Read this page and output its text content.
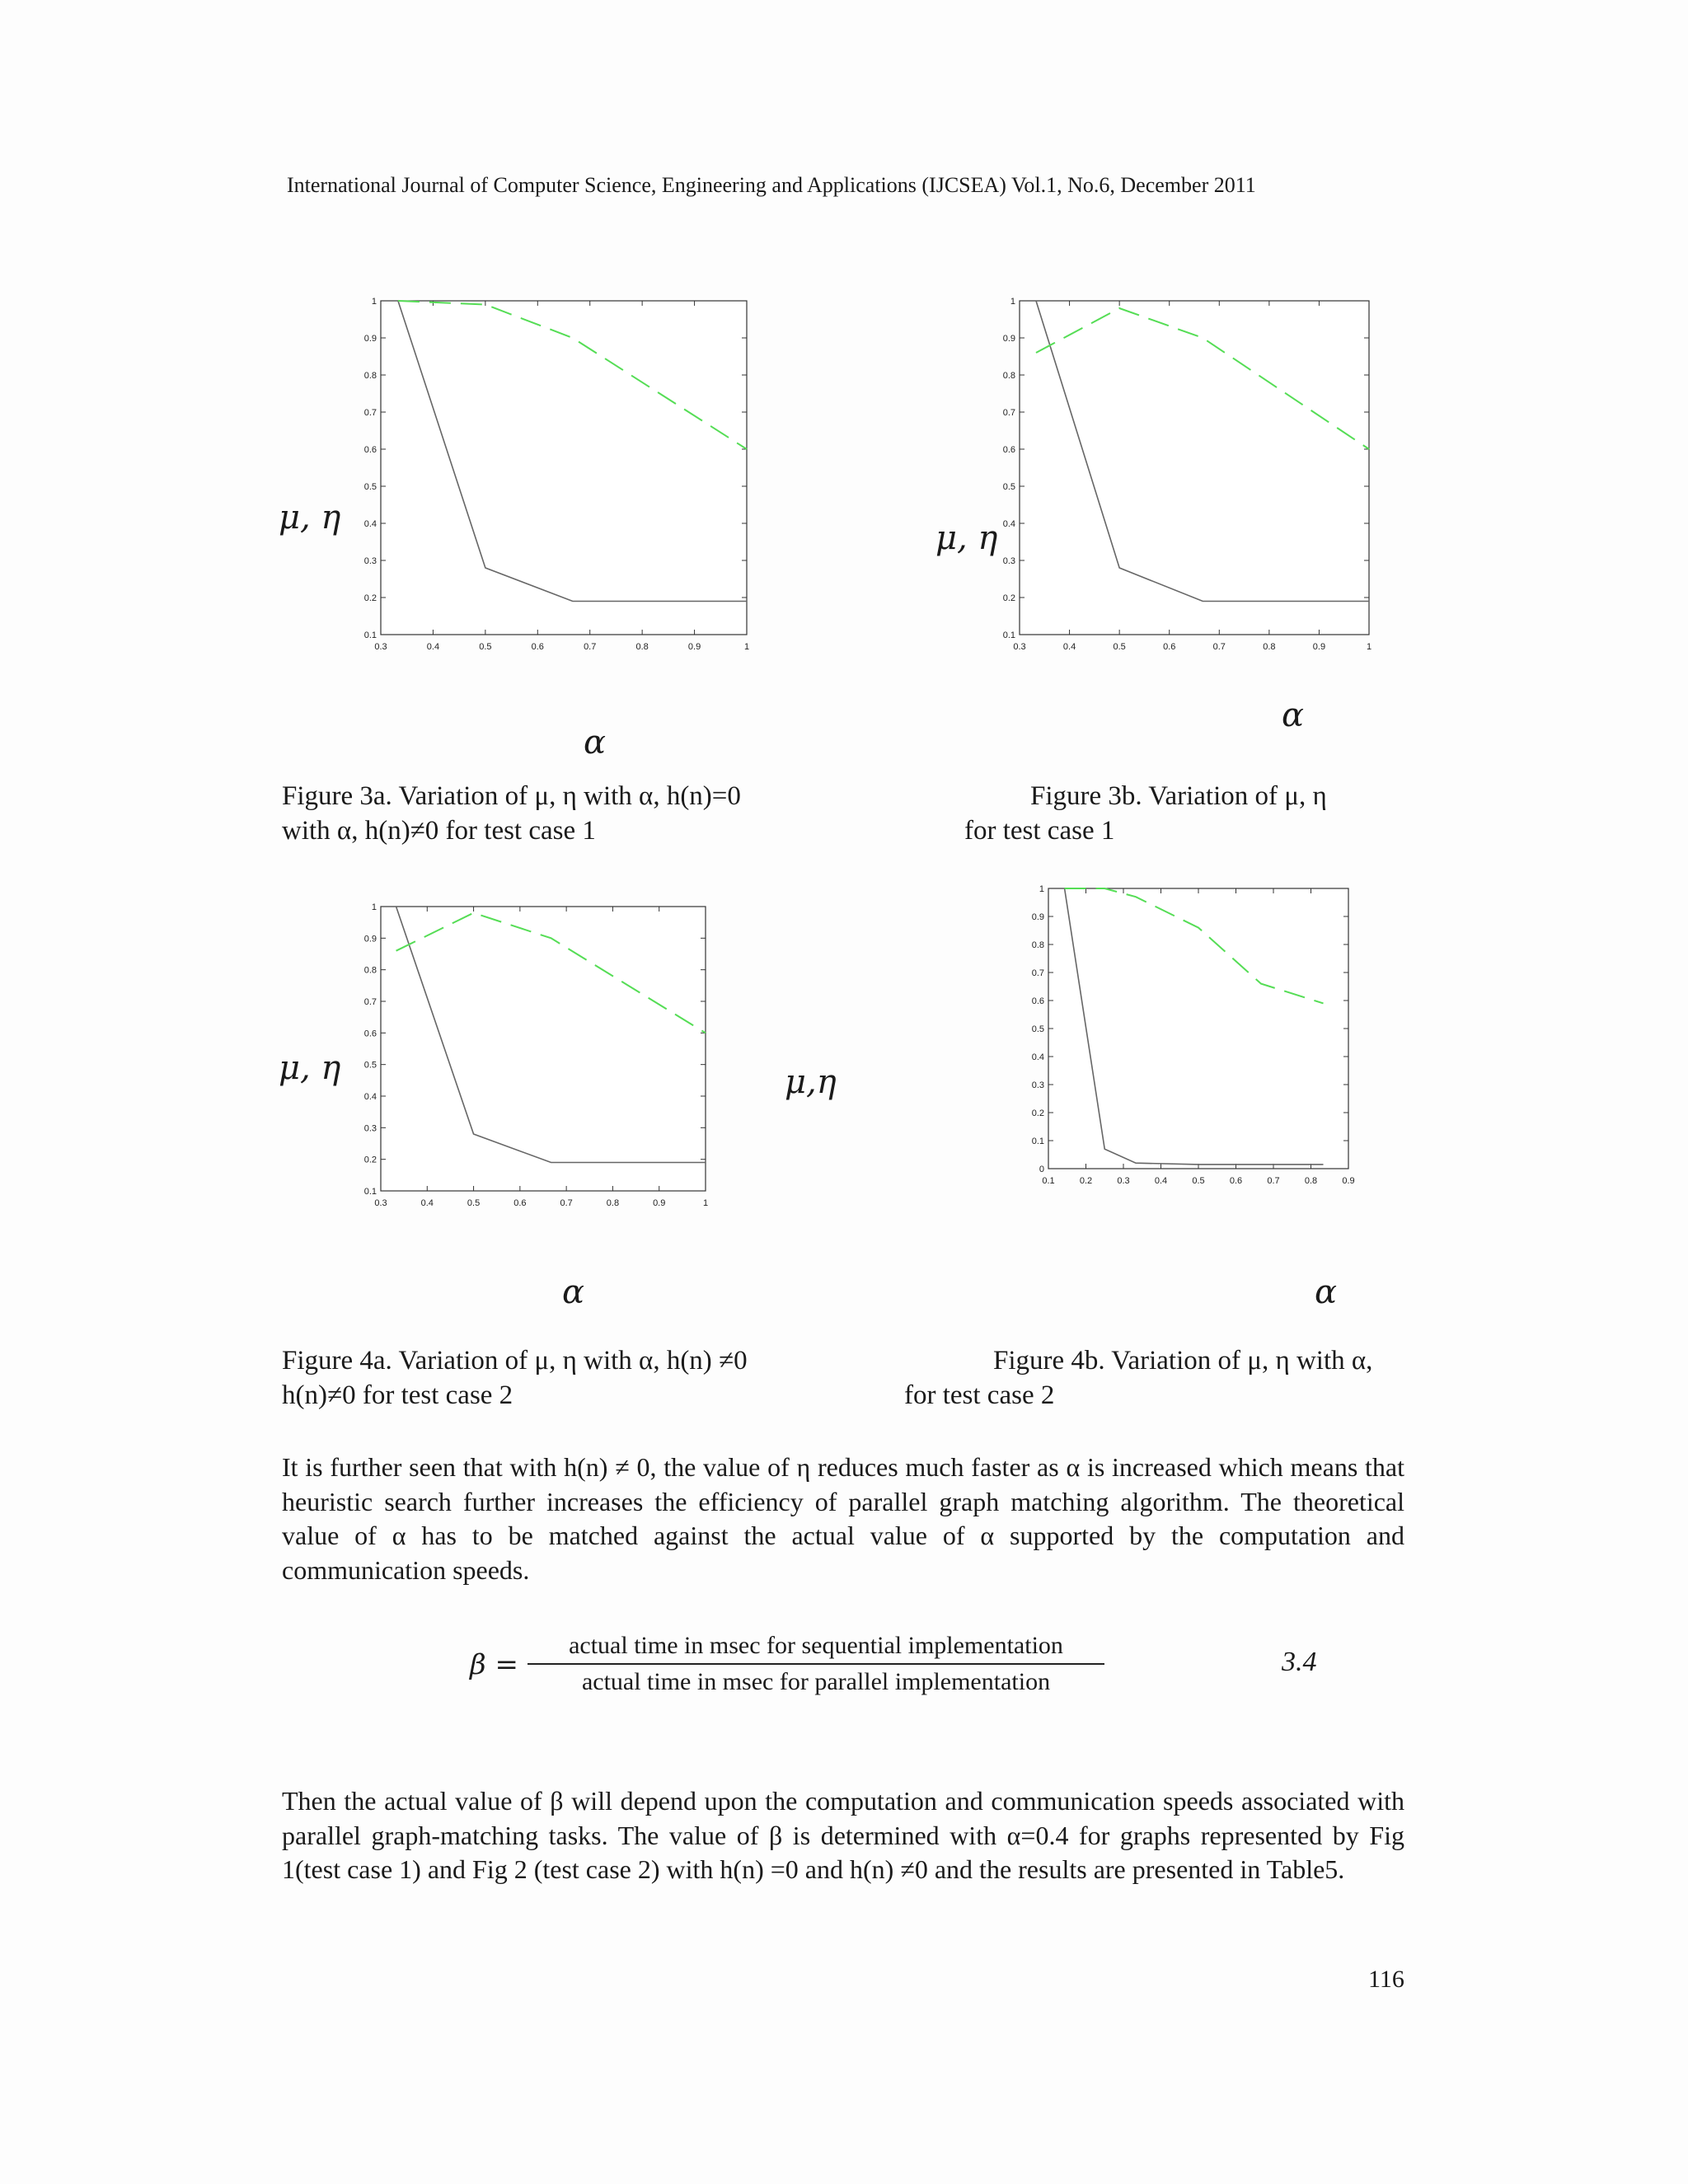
International Journal of Computer Science, Engineering and Applications (IJCSEA) Vol.1, No.6, December 2011
0.3	0.4	0.5	0.6	0.7	0.8	0.9	1
0.1
0.2
0.3
0.4
0.5
0.6
0.7
0.8
0.9
1
μ, η
α
0.3	0.4	0.5	0.6	0.7	0.8	0.9	1
0.1
0.2
0.3
0.4
0.5
0.6
0.7
0.8
0.9
1
μ, η
α
Figure 3a. Variation of μ, η with α, h(n)=0
with α, h(n)≠0 for test case 1
Figure 3b. Variation of μ, η
for test case 1
0.3	0.4	0.5	0.6	0.7	0.8	0.9	1
0.1
0.2
0.3
0.4
0.5
0.6
0.7
0.8
0.9
1
μ, η
α
0.1	0.2	0.3	0.4	0.5	0.6	0.7	0.8	0.9
0
0.1
0.2
0.3
0.4
0.5
0.6
0.7
0.8
0.9
1
μ,η
α
Figure 4a. Variation of μ, η with α, h(n) ≠0
h(n)≠0 for test case 2
Figure 4b. Variation of μ, η with α,
for test case 2
It is further seen that with h(n) ≠ 0, the value of η reduces much faster as α is increased which means that heuristic search further increases the efficiency of parallel graph matching algorithm. The theoretical value of α has to be matched against the actual value of α supported by the computation and communication speeds.
β =
actual time in msec for sequential implementation
actual time in msec for parallel implementation
3.4
Then the actual value of β will depend upon the computation and communication speeds associated with parallel graph-matching tasks. The value of β is determined with α=0.4 for graphs represented by Fig 1(test case 1) and Fig 2 (test case 2) with h(n) =0 and h(n) ≠0 and the results are presented in Table5.
116
